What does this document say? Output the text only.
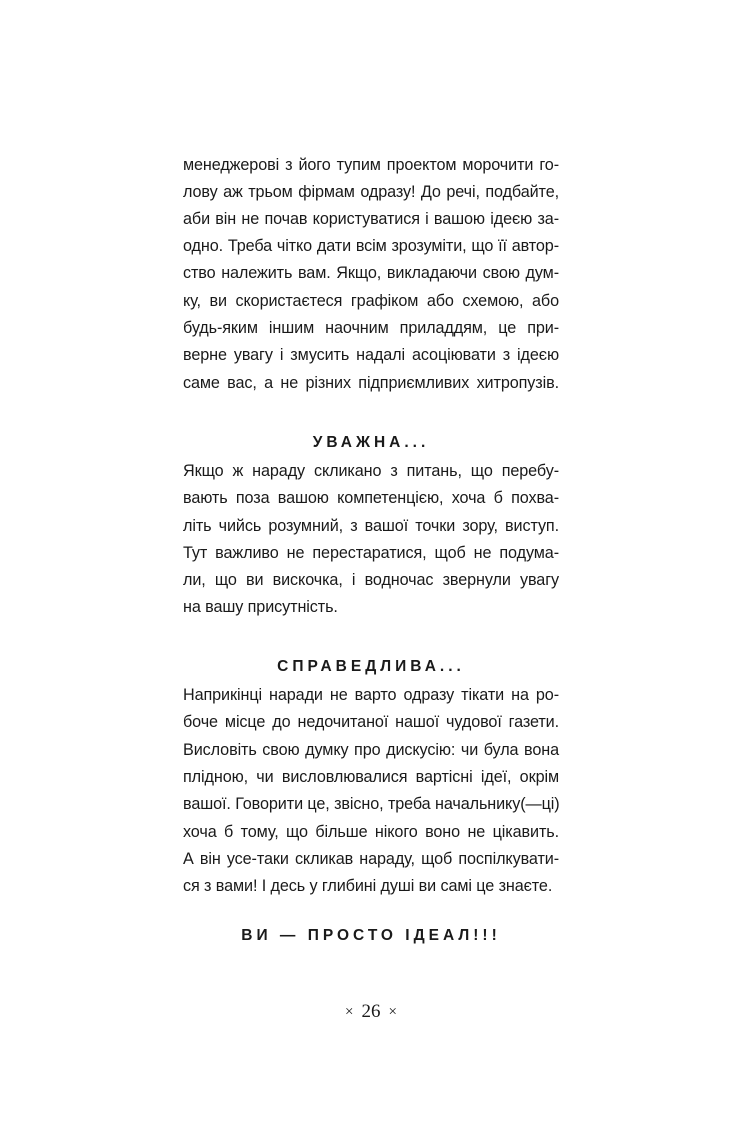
менеджерові з його тупим проектом морочити го-
лову аж трьом фірмам одразу! До речі, подбайте,
аби він не почав користуватися і вашою ідеєю за-
одно. Треба чітко дати всім зрозуміти, що її автор-
ство належить вам. Якщо, викладаючи свою дум-
ку, ви скористаєтеся графіком або схемою, або
будь-яким іншим наочним приладдям, це при-
верне увагу і змусить надалі асоціювати з ідеєю
саме вас, а не різних підприємливих хитропузів.
УВАЖНА...
Якщо ж нараду скликано з питань, що перебу-
вають поза вашою компетенцією, хоча б похва-
літь чийсь розумний, з вашої точки зору, виступ.
Тут важливо не перестаратися, щоб не подума-
ли, що ви вискочка, і водночас звернули увагу
на вашу присутність.
СПРАВЕДЛИВА...
Наприкінці наради не варто одразу тікати на ро-
боче місце до недочитаної нашої чудової газети.
Висловіть свою думку про дискусію: чи була вона
плідною, чи висловлювалися вартісні ідеї, окрім
вашої. Говорити це, звісно, треба начальнику(—ці)
хоча б тому, що більше нікого воно не цікавить.
А він усе-таки скликав нараду, щоб поспілкувати-
ся з вами! І десь у глибині душі ви самі це знаєте.
ВИ — ПРОСТО ІДЕАЛ!!!
× 26 ×
